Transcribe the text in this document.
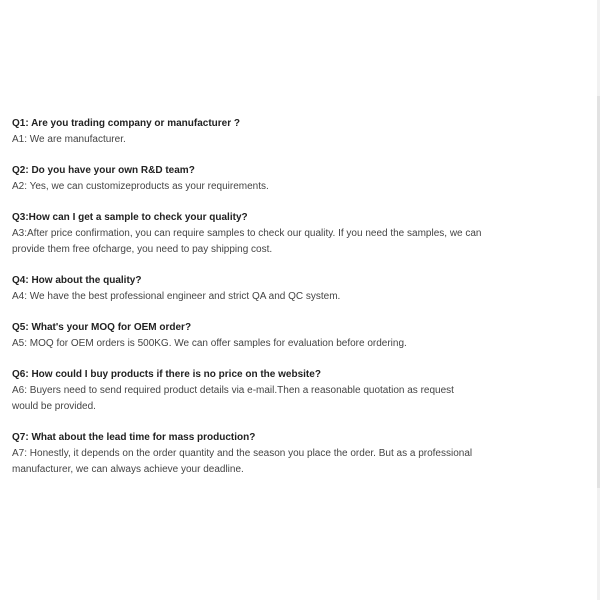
Q1: Are you trading company or manufacturer ?
A1: We are manufacturer.
Q2: Do you have your own R&D team?
A2: Yes, we can customizeproducts as your requirements.
Q3:How can I get a sample to check your quality?
A3:After price confirmation, you can require samples to check our quality. If you need the samples, we can provide them free ofcharge, you need to pay shipping cost.
Q4: How about the quality?
A4: We have the best professional engineer and strict QA and QC system.
Q5: What's your MOQ for OEM order?
A5: MOQ for OEM orders is 500KG. We can offer samples for evaluation before ordering.
Q6: How could I buy products if there is no price on the website?
A6: Buyers need to send required product details via e-mail.Then a reasonable quotation as request would be provided.
Q7: What about the lead time for mass production?
A7: Honestly, it depends on the order quantity and the season you place the order. But as a professional manufacturer, we can always achieve your deadline.
